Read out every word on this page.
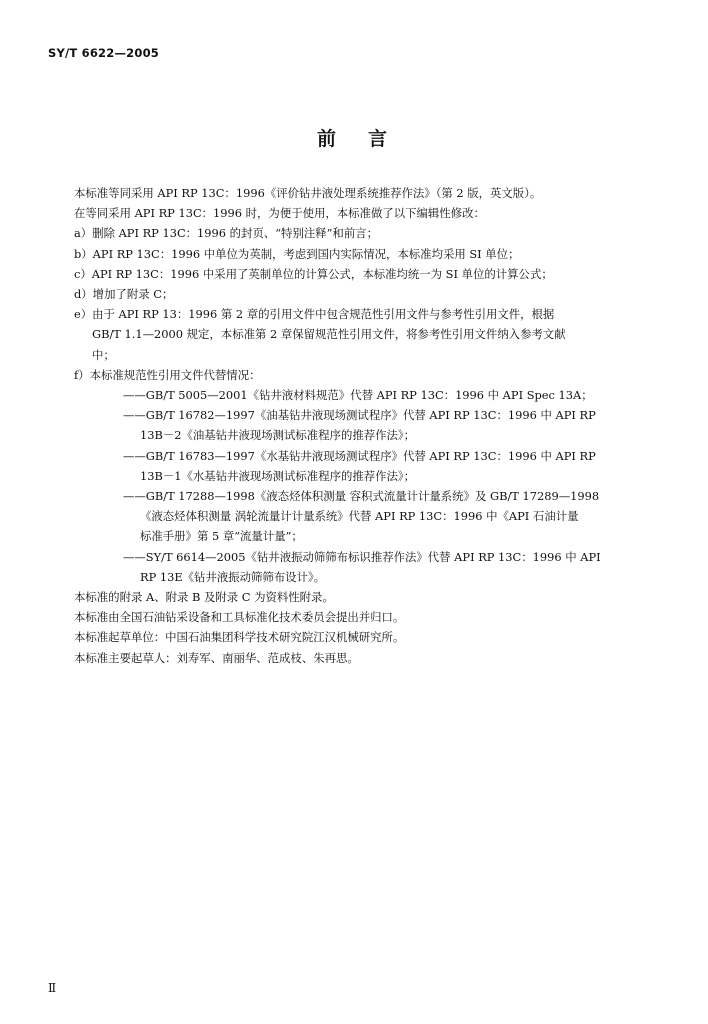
SY/T 6622—2005
前言

本标准等同采用 API RP 13C：1996《评价钻井液处理系统推荐作法》（第 2 版，英文版）。

在等同采用 API RP 13C：1996 时，为便于使用，本标准做了以下编辑性修改：

a）删除 API RP 13C：1996 的封页、“特别注释”和前言；

b）API RP 13C：1996 中单位为英制，考虑到国内实际情况，本标准均采用 SI 单位；

c）API RP 13C：1996 中采用了英制单位的计算公式，本标准均统一为 SI 单位的计算公式；

d）增加了附录 C；

e）由于 API RP 13：1996 第 2 章的引用文件中包含规范性引用文件与参考性引用文件，根据

GB/T 1.1—2000 规定，本标准第 2 章保留规范性引用文件，将参考性引用文件纳入参考文献

中；

f）本标准规范性引用文件代替情况：

——GB/T 5005—2001《钻井液材料规范》代替 API RP 13C：1996 中 API Spec 13A；

——GB/T 16782—1997《油基钻井液现场测试程序》代替 API RP 13C：1996 中 API RP

13B－2《油基钻井液现场测试标准程序的推荐作法》；

——GB/T 16783—1997《水基钻井液现场测试程序》代替 API RP 13C：1996 中 API RP

13B－1《水基钻井液现场测试标准程序的推荐作法》；

——GB/T 17288—1998《液态烃体积测量 容积式流量计计量系统》及 GB/T 17289—1998

《液态烃体积测量 涡轮流量计计量系统》代替 API RP 13C：1996 中《API 石油计量

标准手册》第 5 章“流量计量”；

——SY/T 6614—2005《钻井液振动筛筛布标识推荐作法》代替 API RP 13C：1996 中 API

RP 13E《钻井液振动筛筛布设计》。

本标准的附录 A、附录 B 及附录 C 为资料性附录。

本标准由全国石油钻采设备和工具标准化技术委员会提出并归口。

本标准起草单位：中国石油集团科学技术研究院江汉机械研究所。

本标准主要起草人：刘寿军、南丽华、范成枝、朱再思。

Ⅱ
